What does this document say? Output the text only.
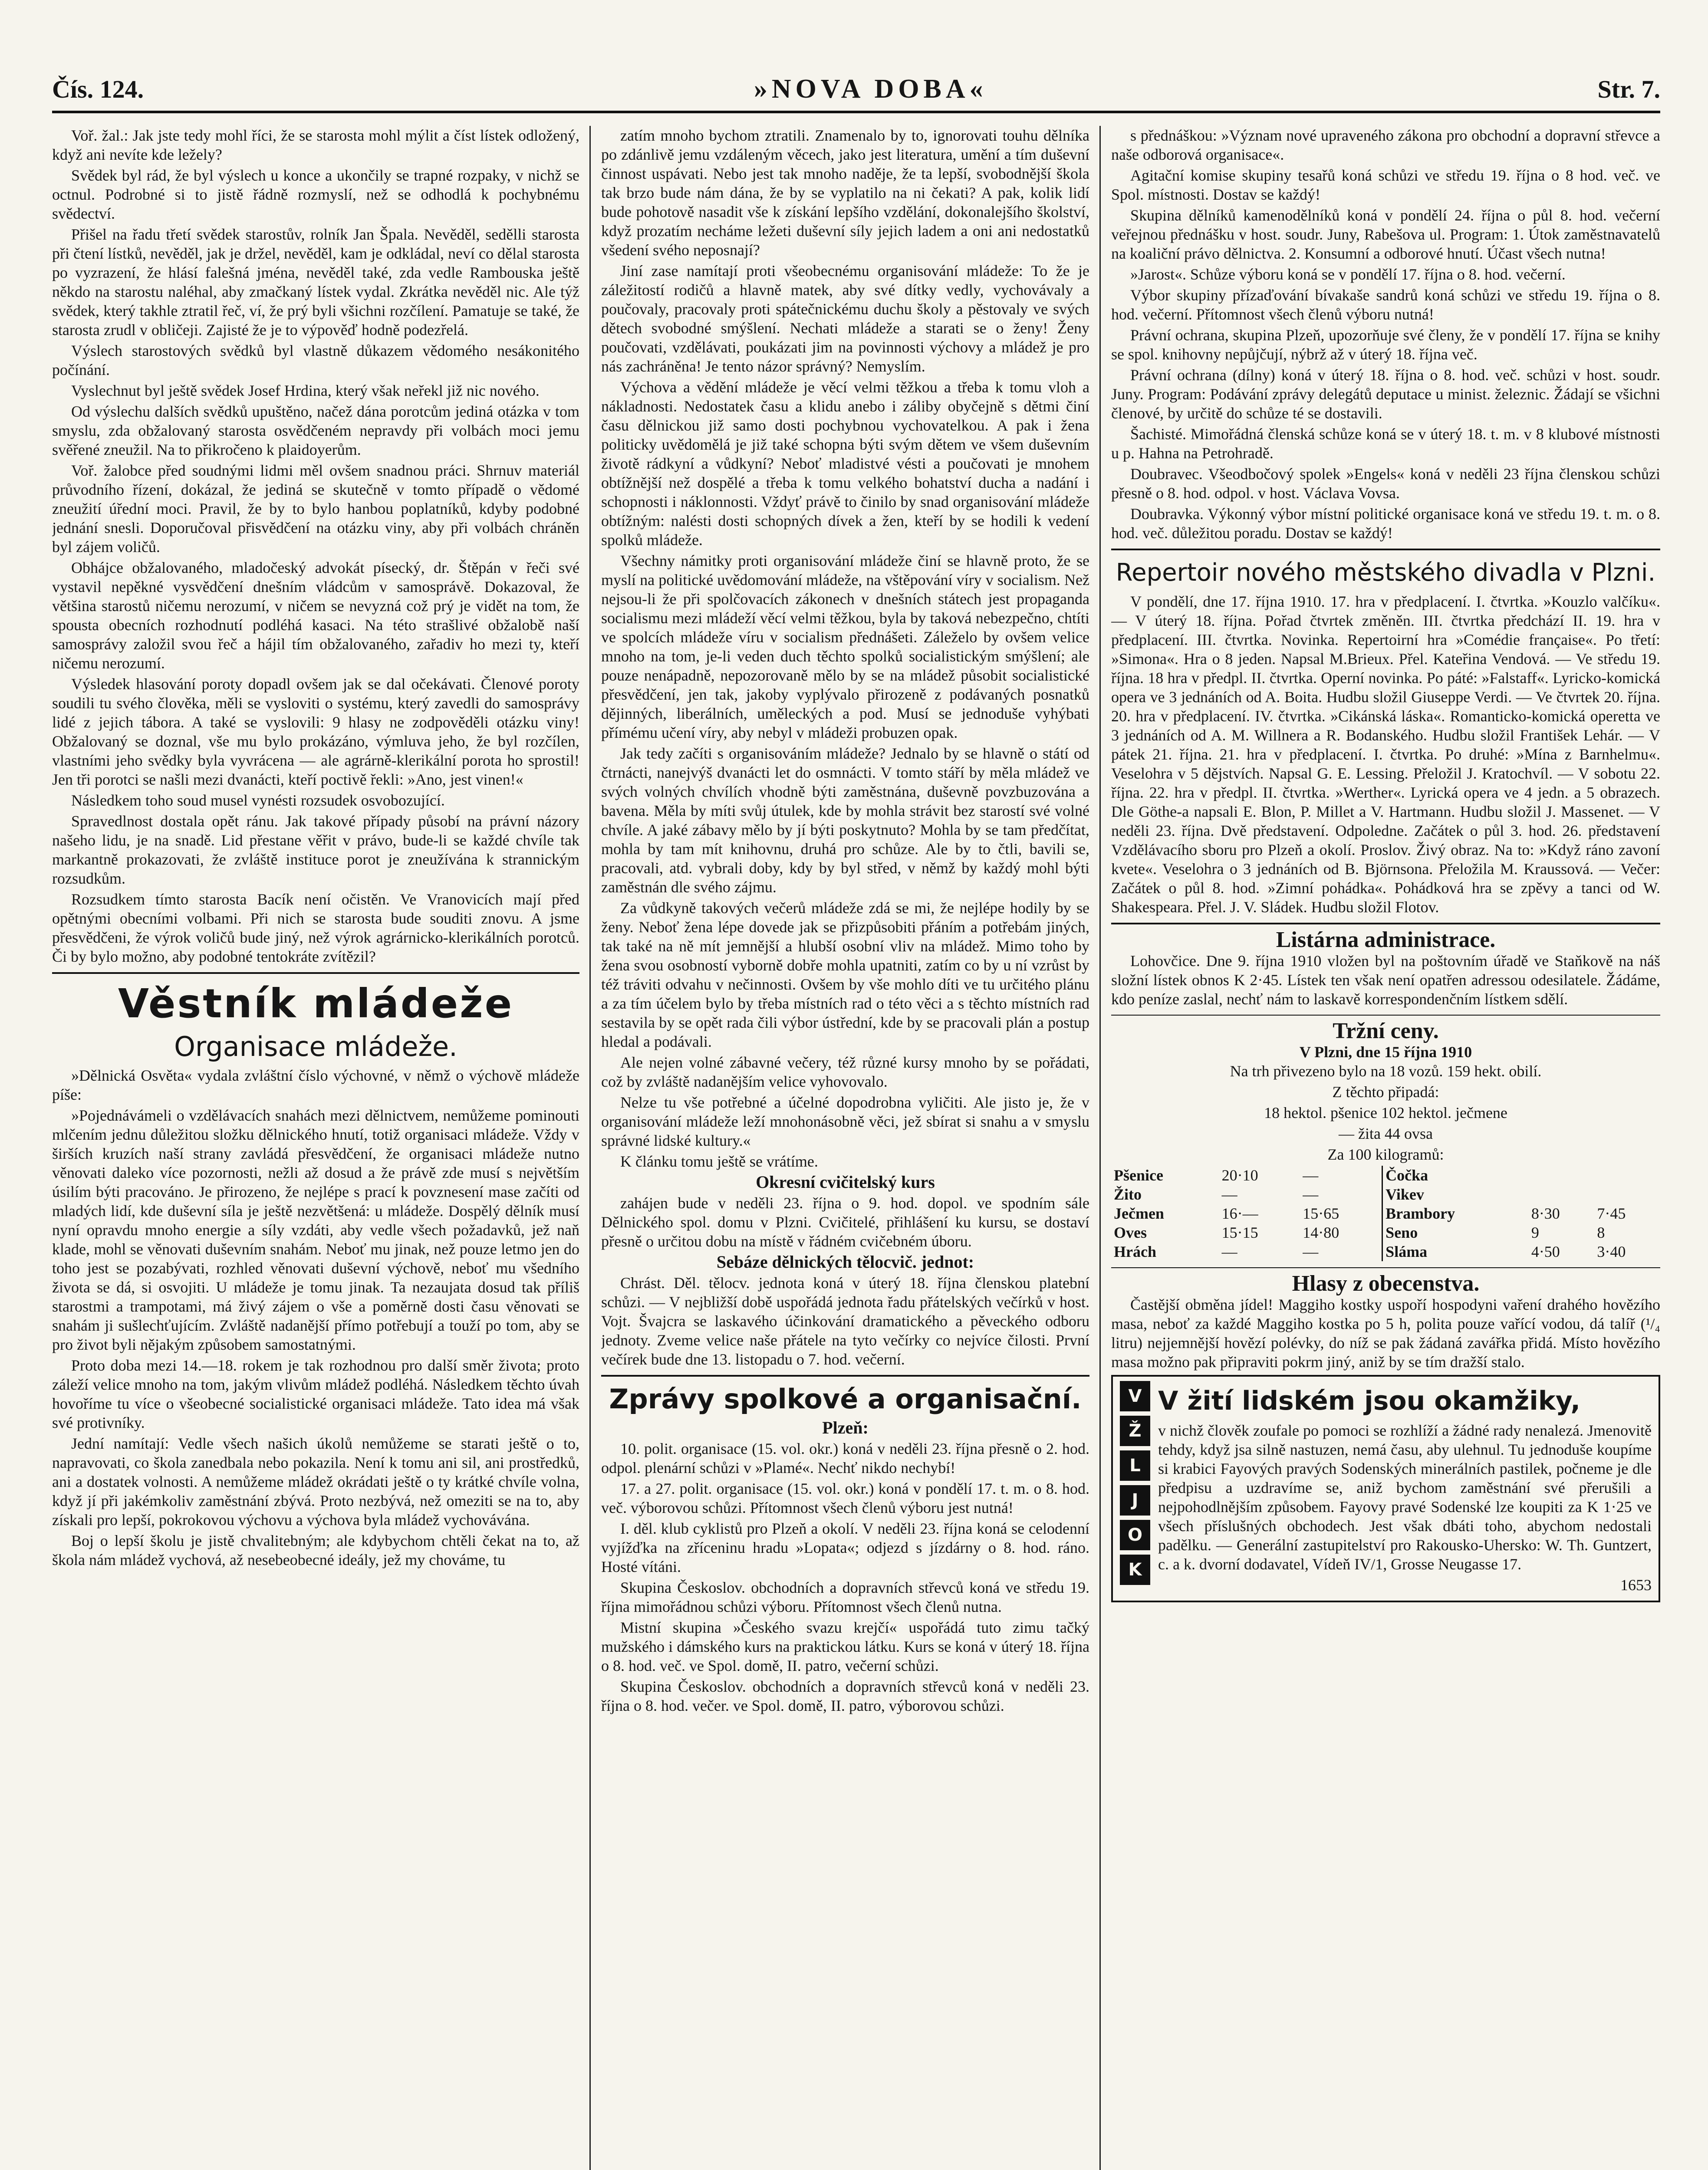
Čís. 124.	»NOVA DOBA«	Str. 7.

Voř. žal.: Jak jste tedy mohl říci, že se starosta mohl mýlit a číst lístek odložený, když ani nevíte kde ležely?

Svědek byl rád, že byl výslech u konce a ukončily se trapné rozpaky, v nichž se octnul. Podrobné si to jistě řádně rozmyslí, než se odhodlá k pochybnému svědectví.

Přišel na řadu třetí svědek starostův, rolník Jan Špala. Nevěděl, sedělli starosta při čtení lístků, nevěděl, jak je držel, nevěděl, kam je odkládal, neví co dělal starosta po vyzrazení, že hlásí falešná jména, nevěděl také, zda vedle Rambouska ještě někdo na starostu naléhal, aby zmačkaný lístek vydal. Zkrátka nevěděl nic. Ale týž svědek, který takhle ztratil řeč, ví, že prý byli všichni rozčílení. Pamatuje se také, že starosta zrudl v obličeji. Zajisté že je to výpověď hodně podezřelá.

Výslech starostových svědků byl vlastně důkazem vědomého nesákonitého počínání.

Vyslechnut byl ještě svědek Josef Hrdina, který však neřekl již nic nového.

Od výslechu dalších svědků upuštěno, načež dána porotcům jediná otázka v tom smyslu, zda obžalovaný starosta osvědčeném nepravdy při volbách moci jemu svěřené zneužil. Na to přikročeno k plaidoyerům.

Voř. žalobce před soudnými lidmi měl ovšem snadnou práci. Shrnuv materiál průvodního řízení, dokázal, že jediná se skutečně v tomto případě o vědomé zneužití úřední moci. Pravil, že by to bylo hanbou poplatníků, kdyby podobné jednání snesli. Doporučoval přisvědčení na otázku viny, aby při volbách chráněn byl zájem voličů.

Obhájce obžalovaného, mladočeský advokát písecký, dr. Štěpán v řeči své vystavil nepěkné vysvědčení dnešním vládcům v samosprávě. Dokazoval, že většina starostů ničemu nerozumí, v ničem se nevyzná což prý je vidět na tom, že spousta obecních rozhodnutí podléhá kasaci. Na této strašlivé obžalobě naší samosprávy založil svou řeč a hájil tím obžalovaného, zařadiv ho mezi ty, kteří ničemu nerozumí.

Výsledek hlasování poroty dopadl ovšem jak se dal očekávati. Členové poroty soudili tu svého člověka, měli se vysloviti o systému, který zavedli do samosprávy lidé z jejich tábora. A také se vyslovili: 9 hlasy ne zodpověděli otázku viny! Obžalovaný se doznal, vše mu bylo prokázáno, výmluva jeho, že byl rozčílen, vlastními jeho svědky byla vyvrácena — ale agrárně-klerikální porota ho sprostil! Jen tři porotci se našli mezi dvanácti, kteří poctivě řekli: »Ano, jest vinen!«

Následkem toho soud musel vynésti rozsudek osvobozující.

Spravedlnost dostala opět ránu. Jak takové případy působí na právní názory našeho lidu, je na snadě. Lid přestane věřit v právo, bude-li se každé chvíle tak markantně prokazovati, že zvláště instituce porot je zneužívána k strannickým rozsudkům.

Rozsudkem tímto starosta Bacík není očistěn. Ve Vranovicích mají před opětnými obecními volbami. Při nich se starosta bude souditi znovu. A jsme přesvědčeni, že výrok voličů bude jiný, než výrok agrárnicko-klerikálních porotců. Či by bylo možno, aby podobné tentokráte zvítězil?

Věstník mládeže
Organisace mládeže.

»Dělnická Osvěta« vydala zvláštní číslo výchovné, v němž o výchově mládeže píše:

»Pojednávámeli o vzdělávacích snahách mezi dělnictvem, nemůžeme pominouti mlčením jednu důležitou složku dělnického hnutí, totiž organisaci mládeže. Vždy v širších kruzích naší strany zavládá přesvědčení, že organisaci mládeže nutno věnovati daleko více pozornosti, nežli až dosud a že právě zde musí s největším úsilím býti pracováno. Je přirozeno, že nejlépe s prací k povznesení mase začíti od mladých lidí, kde duševní síla je ještě nezvětšená: u mládeže. Dospělý dělník musí nyní opravdu mnoho energie a síly vzdáti, aby vedle všech požadavků, jež naň klade, mohl se věnovati duševním snahám. Neboť mu jinak, než pouze letmo jen do toho jest se pozabývati, rozhled věnovati duševní výchově, neboť mu všedního života se dá, si osvojiti. U mládeže je tomu jinak. Ta nezaujata dosud tak příliš starostmi a trampotami, má živý zájem o vše a poměrně dosti času věnovati se snahám ji sušlechťujícím. Zvláště nadanější přímo potřebují a touží po tom, aby se pro život byli nějakým způsobem samostatnými.

Proto doba mezi 14.—18. rokem je tak rozhodnou pro další směr života; proto záleží velice mnoho na tom, jakým vlivům mládež podléhá. Následkem těchto úvah hovoříme tu více o všeobecné socialistické organisaci mládeže. Tato idea má však své protivníky.

Jední namítají: Vedle všech našich úkolů nemůžeme se starati ještě o to, napravovati, co škola zanedbala nebo pokazila. Není k tomu ani sil, ani prostředků, ani a dostatek volnosti. A nemůžeme mládež okrádati ještě o ty krátké chvíle volna, když jí při jakémkoliv zaměstnání zbývá. Proto nezbývá, než omeziti se na to, aby získali pro lepší, pokrokovou výchovu a výchova byla mládež vychovávána.

Boj o lepší školu je jistě chvalitebným; ale kdybychom chtěli čekat na to, až škola nám mládež vychová, až nesebeobecné ideály, jež my chováme, tu

zatím mnoho bychom ztratili. Znamenalo by to, ignorovati touhu dělníka po zdánlivě jemu vzdáleným věcech, jako jest literatura, umění a tím duševní činnost uspávati. Nebo jest tak mnoho naděje, že ta lepší, svobodnější škola tak brzo bude nám dána, že by se vyplatilo na ni čekati? A pak, kolik lidí bude pohotově nasadit vše k získání lepšího vzdělání, dokonalejšího školství, když prozatím necháme ležeti duševní síly jejich ladem a oni ani nedostatků všedení svého neposnají?

Jiní zase namítají proti všeobecnému organisování mládeže: To že je záležitostí rodičů a hlavně matek, aby své dítky vedly, vychovávaly a poučovaly, pracovaly proti spátečnickému duchu školy a pěstovaly ve svých dětech svobodné smýšlení. Nechati mládeže a starati se o ženy! Ženy poučovati, vzdělávati, poukázati jim na povinnosti výchovy a mládež je pro nás zachráněna! Je tento názor správný? Nemyslím.

Výchova a vědění mládeže je věcí velmi těžkou a třeba k tomu vloh a nákladnosti. Nedostatek času a klidu anebo i záliby obyčejně s dětmi činí času dělnickou již samo dosti pochybnou vychovatelkou. A pak i žena politicky uvědomělá je již také schopna býti svým dětem ve všem duševním životě rádkyní a vůdkyní? Neboť mladistvé vésti a poučovati je mnohem obtížnější než dospělé a třeba k tomu velkého bohatství ducha a nadání i schopnosti i náklonnosti. Vždyť právě to činilo by snad organisování mládeže obtížným: nalésti dosti schopných dívek a žen, kteří by se hodili k vedení spolků mládeže.

Všechny námitky proti organisování mládeže činí se hlavně proto, že se myslí na politické uvědomování mládeže, na vštěpování víry v socialism. Než nejsou-li že při spolčovacích zákonech v dnešních státech jest propaganda socialismu mezi mládeží věcí velmi těžkou, byla by taková nebezpečno, chtíti ve spolcích mládeže víru v socialism přednášeti. Záleželo by ovšem velice mnoho na tom, je-li veden duch těchto spolků socialistickým smýšlení; ale pouze nenápadně, nepozorovaně mělo by se na mládež působit socialistické přesvědčení, jen tak, jakoby vyplývalo přirozeně z podávaných posnatků dějinných, liberálních, uměleckých a pod. Musí se jednoduše vyhýbati přímému učení víry, aby nebyl v mládeži probuzen opak.

Jak tedy začíti s organisováním mládeže? Jednalo by se hlavně o státí od čtrnácti, nanejvýš dvanácti let do osmnácti. V tomto stáří by měla mládež ve svých volných chvílích vhodně býti zaměstnána, duševně povzbuzována a bavena. Měla by míti svůj útulek, kde by mohla strávit bez starostí své volné chvíle. A jaké zábavy mělo by jí býti poskytnuto? Mohla by se tam předčítat, mohla by tam mít knihovnu, druhá pro schůze. Ale by to čtli, bavili se, pracovali, atd. vybrali doby, kdy by byl střed, v němž by každý mohl býti zaměstnán dle svého zájmu.

Za vůdkyně takových večerů mládeže zdá se mi, že nejlépe hodily by se ženy. Neboť žena lépe dovede jak se přizpůsobiti přáním a potřebám jiných, tak také na ně mít jemnější a hlubší osobní vliv na mládež. Mimo toho by žena svou osobností vyborně dobře mohla upatniti, zatím co by u ní vzrůst by též tráviti odvahu v nečinnosti. Ovšem by vše mohlo díti ve tu určitého plánu a za tím účelem bylo by třeba místních rad o této věci a s těchto místních rad sestavila by se opět rada čili výbor ústřední, kde by se pracovali plán a postup hledal a podávali.

Ale nejen volné zábavné večery, též různé kursy mnoho by se pořádati, což by zvláště nadanějším velice vyhovovalo.

Nelze tu vše potřebné a účelné dopodrobna vyličiti. Ale jisto je, že v organisování mládeže leží mnohonásobně věci, jež sbírat si snahu a v smyslu správné lidské kultury.«

K článku tomu ještě se vrátíme.

Okresní cvičitelský kurs

zahájen bude v neděli 23. října o 9. hod. dopol. ve spodním sále Dělnického spol. domu v Plzni. Cvičitelé, přihlášení ku kursu, se dostaví přesně o určitou dobu na místě v řádném cvičebném úboru.

Sebáze dělnických tělocvič. jednot:

Chrást. Děl. tělocv. jednota koná v úterý 18. října členskou platební schůzi. — V nejbližší době uspořádá jednota řadu přátelských večírků v host. Vojt. Švajcra se laskavého účinkování dramatického a pěveckého odboru jednoty. Zveme velice naše přátele na tyto večírky co nejvíce čilosti. První večírek bude dne 13. listopadu o 7. hod. večerní.

Zprávy spolkové a organisační.
Plzeň:

10. polit. organisace (15. vol. okr.) koná v neděli 23. října přesně o 2. hod. odpol. plenární schůzi v »Plamé«. Nechť nikdo nechybí!

17. a 27. polit. organisace (15. vol. okr.) koná v pondělí 17. t. m. o 8. hod. več. výborovou schůzi. Přítomnost všech členů výboru jest nutná!

I. děl. klub cyklistů pro Plzeň a okolí. V neděli 23. října koná se celodenní vyjížďka na zříceninu hradu »Lopata«; odjezd s jízdárny o 8. hod. ráno. Hosté vítáni.

Skupina Českoslov. obchodních a dopravních střevců koná ve středu 19. října mimořádnou schůzi výboru. Přítomnost všech členů nutna.

Mistní skupina »Českého svazu krejčí« uspořádá tuto zimu tačký mužského i dámského kurs na praktickou látku. Kurs se koná v úterý 18. října o 8. hod. več. ve Spol. domě, II. patro, večerní schůzi.

Skupina Českoslov. obchodních a dopravních střevců koná v neděli 23. října o 8. hod. večer. ve Spol. domě, II. patro, výborovou schůzi.

s přednáškou: »Význam nové upraveného zákona pro obchodní a dopravní střevce a naše odborová organisace«.

Agitační komise skupiny tesařů koná schůzi ve středu 19. října o 8 hod. več. ve Spol. místnosti. Dostav se každý!

Skupina dělníků kamenodělníků koná v pondělí 24. října o půl 8. hod. večerní veřejnou přednášku v host. soudr. Juny, Rabešova ul. Program: 1. Útok zaměstnavatelů na koaliční právo dělnictva. 2. Konsumní a odborové hnutí. Účast všech nutna!

»Jarost«. Schůze výboru koná se v pondělí 17. října o 8. hod. večerní.

Výbor skupiny přízaďování bívakaše sandrů koná schůzi ve středu 19. října o 8. hod. večerní. Přítomnost všech členů výboru nutná!

Právní ochrana, skupina Plzeň, upozorňuje své členy, že v pondělí 17. října se knihy se spol. knihovny nepůjčují, nýbrž až v úterý 18. října več.

Právní ochrana (dílny) koná v úterý 18. října o 8. hod. več. schůzi v host. soudr. Juny. Program: Podávání zprávy delegátů deputace u minist. železnic. Žádají se všichni členové, by určitě do schůze té se dostavili.

Šachisté. Mimořádná členská schůze koná se v úterý 18. t. m. v 8 klubové místnosti u p. Hahna na Petrohradě.

Doubravec. Všeodbočový spolek »Engels« koná v neděli 23 října členskou schůzi přesně o 8. hod. odpol. v host. Václava Vovsa.

Doubravka. Výkonný výbor místní politické organisace koná ve středu 19. t. m. o 8. hod. več. důležitou poradu. Dostav se každý!

Repertoir nového městského divadla v Plzni.

V pondělí, dne 17. října 1910. 17. hra v předplacení. I. čtvrtka. »Kouzlo valčíku«. — V úterý 18. října. Pořad čtvrtek změněn. III. čtvrtka předchází II. 19. hra v předplacení. III. čtvrtka. Novinka. Repertoirní hra »Comédie française«. Po třetí: »Simona«. Hra o 8 jeden. Napsal M.Brieux. Přel. Kateřina Vendová. — Ve středu 19. října. 18 hra v předpl. II. čtvrtka. Operní novinka. Po páté: »Falstaff«. Lyricko-komická opera ve 3 jednáních od A. Boita. Hudbu složil Giuseppe Verdi. — Ve čtvrtek 20. října. 20. hra v předplacení. IV. čtvrtka. »Cikánská láska«. Romanticko-komická operetta ve 3 jednáních od A. M. Willnera a R. Bodanského. Hudbu složil František Lehár. — V pátek 21. října. 21. hra v předplacení. I. čtvrtka. Po druhé: »Mína z Barnhelmu«. Veselohra v 5 dějstvích. Napsal G. E. Lessing. Přeložil J. Kratochvíl. — V sobotu 22. října. 22. hra v předpl. II. čtvrtka. »Werther«. Lyrická opera ve 4 jedn. a 5 obrazech. Dle Göthe-a napsali E. Blon, P. Millet a V. Hartmann. Hudbu složil J. Massenet. — V neděli 23. října. Dvě představení. Odpoledne. Začátek o půl 3. hod. 26. představení Vzdělávacího sboru pro Plzeň a okolí. Proslov. Živý obraz. Na to: »Když ráno zavoní kvete«. Veselohra o 3 jednáních od B. Björnsona. Přeložila M. Kraussová. — Večer: Začátek o půl 8. hod. »Zimní pohádka«. Pohádková hra se zpěvy a tanci od W. Shakespeara. Přel. J. V. Sládek. Hudbu složil Flotov.

Listárna administrace.

Lohovčice. Dne 9. října 1910 vložen byl na poštovním úřadě ve Staňkově na náš složní lístek obnos K 2·45. Lístek ten však není opatřen adressou odesilatele. Žádáme, kdo peníze zaslal, nechť nám to laskavě korrespondenčním lístkem sdělí.

Tržní ceny.
V Plzni, dne 15 října 1910

Na trh přivezeno bylo na 18 vozů. 159 hekt. obilí.

Z těchto připadá:

18 hektol. pšenice 102 hektol. ječmene

— žita 44 ovsa

Za 100 kilogramů:

Pšenice	20·10	—	Čočka		
Žito	—	—	Vikev		
Ječmen	16·—	15·65	Brambory	8·30	7·45
Oves	15·15	14·80	Seno	9	8
Hrách	—	—	Sláma	4·50	3·40
Hlasy z obecenstva.

Častější obměna jídel! Maggiho kostky uspoří hospodyni vaření drahého hovězího masa, neboť za každé Maggiho kostka po 5 h, polita pouze vařící vodou, dá talíř (¹/₄ litru) nejjemnější hovězí polévky, do níž se pak žádaná zavářka přidá. Místo hovězího masa možno pak připraviti pokrm jiný, aniž by se tím dražší stalo.

V
Ž
L
J
O
K
V žití lidském jsou okamžiky,

v nichž člověk zoufale po pomoci se rozhlíží a žádné rady nenalezá. Jmenovitě tehdy, když jsa silně nastuzen, nemá času, aby ulehnul. Tu jednoduše koupíme si krabici Fayových pravých Sodenských minerálních pastilek, počneme je dle předpisu a uzdravíme se, aniž bychom zaměstnání své přerušili a nejpohodlnějším způsobem. Fayovy pravé Sodenské lze koupiti za K 1·25 ve všech příslušných obchodech. Jest však dbáti toho, abychom nedostali padělku. — Generální zastupitelství pro Rakousko-Uhersko: W. Th. Guntzert, c. a k. dvorní dodavatel, Vídeň IV/1, Grosse Neugasse 17.

1653
